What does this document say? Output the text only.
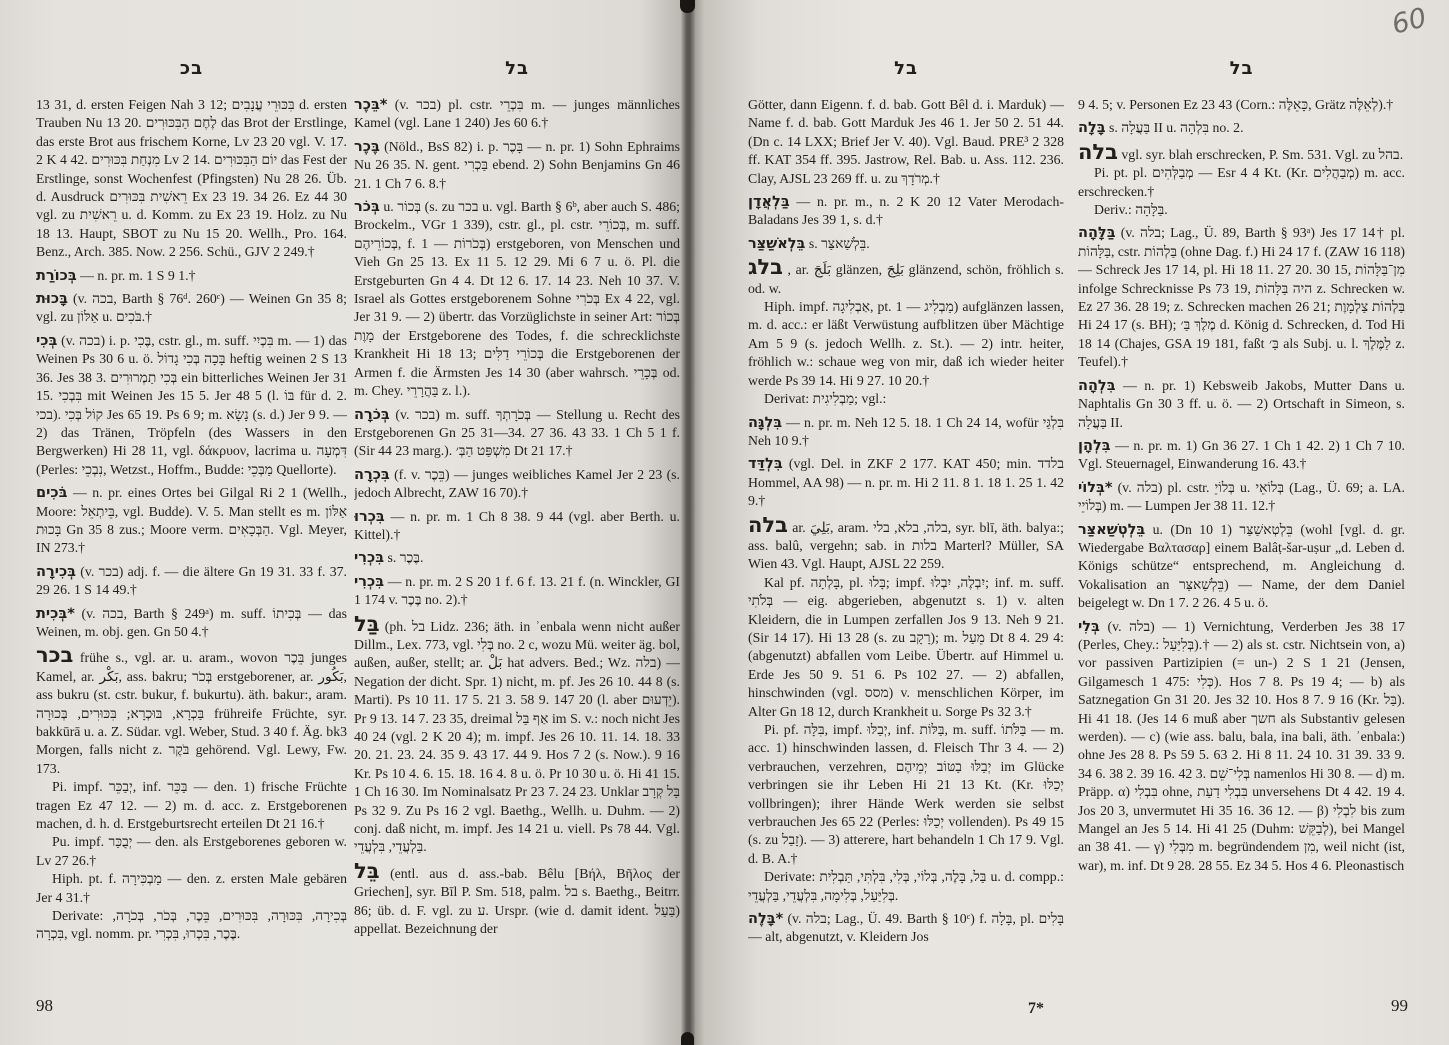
בכ	בל	בל	בל

13 31, d. ersten Feigen Nah 3 12; בִּכּוּרֵי עֲנָבִים d. ersten Trauben Nu 13 20. לֶחֶם הַבִּכּוּרִים das Brot der Erstlinge, das erste Brot aus frischem Korne, Lv 23 20 vgl. V. 17. 2 K 4 42. מִנְחַת בִּכּוּרִים Lv 2 14. יוֹם הַבִּכּוּרִים das Fest der Erstlinge, sonst Wochenfest (Pfingsten) Nu 28 26. Üb. d. Ausdruck רֵאשִׁית בִּכּוּרִים Ex 23 19. 34 26. Ez 44 30 vgl. zu רֵאשִׁית u. d. Komm. zu Ex 23 19. Holz. zu Nu 18 13. Haupt, SBOT zu Nu 15 20. Wellh., Pro. 164. Benz., Arch. 385. Now. 2 256. Schü., GJV 2 249.†

בְּכוֹרַת — n. pr. m. 1 S 9 1.†

בָּכוּת (v. בכה, Barth § 76ᵈ. 260ᶜ) — Weinen Gn 35 8; vgl. zu אַלּוֹן u. בֹּכִים.†

בְּכִי (v. בכה) i. p. בֶּכִי, cstr. gl., m. suff. בִּכְיִי m. — 1) das Weinen Ps 30 6 u. ö. בָּכָה בְּכִי גָדוֹל heftig weinen 2 S 13 36. Jes 38 3. בְּכִי תַמְרוּרִים ein bitterliches Weinen Jer 31 15. בִּבְכִי mit Weinen Jes 15 5. Jer 48 5 (l. בּוֹ für d. 2. בכי). קוֹל בְּכִי Jes 65 19. Ps 6 9; m. נָשָׂא (s. d.) Jer 9 9. — 2) das Tränen, Tröpfeln (des Wassers in den Bergwerken) Hi 28 11, vgl. δάκρυον, lacrima u. דִּמְעָה (Perles: נִבְכֵי, Wetzst., Hoffm., Budde: מַבְּכֵי Quellorte).

בֹּכִים — n. pr. eines Ortes bei Gilgal Ri 2 1 (Wellh., Moore: בֵּיתְאֵל, vgl. Budde). V. 5. Man stellt es m. אַלּוֹן בָּכוּת Gn 35 8 zus.; Moore verm. הַבְּכָאִים. Vgl. Meyer, IN 273.†

בְּכִירָה (v. בכר) adj. f. — die ältere Gn 19 31. 33 f. 37. 29 26. 1 S 14 49.†

בְּכִית* (v. בכה, Barth § 249ᵃ) m. suff. בְּכִיתוֹ — das Weinen, m. obj. gen. Gn 50 4.†

בכר frühe s., vgl. ar. u. aram., wovon בֵּכֶר junges Kamel, ar. بَكْر, ass. bakru; בְּכֹר erstgeborener, ar. بَكُور, ass bukru (st. cstr. bukur, f. bukurtu). äth. bakur:, aram. בַּכְרָא, בּוּכְרָא; בִּכּוּרִים, בְּכוּרָה frühreife Früchte, syr. bakkūrā u. a. Z. Südar. vgl. Weber, Stud. 3 40 f. Äg. bk3 Morgen, falls nicht z. בֹּקֶר gehörend. Vgl. Lewy, Fw. 173.

Pi. impf. יְבַכֵּר, inf. בַּכֵּר — den. 1) frische Früchte tragen Ez 47 12. — 2) m. d. acc. z. Erstgeborenen machen, d. h. d. Erstgeburtsrecht erteilen Dt 21 16.†

Pu. impf. יְבֻכַּר — den. als Erstgeborenes geboren w. Lv 27 26.†

Hiph. pt. f. מַבְכִּירָה — den. z. ersten Male gebären Jer 4 31.†

Derivate: בְּכִירָה, בִּכּוּרָה, בִּכּוּרִים, בֵּכֶר, בְּכֹר, בְּכֹרָה, בִּכְרָה, vgl. nomm. pr. בֶּכֶר, בִּכְרוּ, בִּכְרִי.

בֵּכֶר* (v. בכר) pl. cstr. בִּכְרֵי m. — junges männliches Kamel (vgl. Lane 1 240) Jes 60 6.†

בֶּכֶר (Nöld., BsS 82) i. p. בָּכֶר — n. pr. 1) Sohn Ephraims Nu 26 35. N. gent. בַּכְרִי ebend. 2) Sohn Benjamins Gn 46 21. 1 Ch 7 6. 8.†

בְּכֹר u. בְּכוֹר (s. zu בכר u. vgl. Barth § 6ᵇ, aber auch S. 486; Brockelm., VGr 1 339), cstr. gl., pl. cstr. בְּכוֹרֵי, m. suff. בְּכוֹרֵיהֶם, f. בְּכֹרוֹת — 1) erstgeboren, von Menschen und Vieh Gn 25 13. Ex 11 5. 12 29. Mi 6 7 u. ö. Pl. die Erstgeburten Gn 4 4. Dt 12 6. 17. 14 23. Neh 10 37. V. Israel als Gottes erstgeborenem Sohne בְּכֹרִי Ex 4 22, vgl. Jer 31 9. — 2) übertr. das Vorzüglichste in seiner Art: בְּכוֹר מָוֶת der Erstgeborene des Todes, f. die schrecklichste Krankheit Hi 18 13; בְּכוֹרֵי דַלִּים die Erstgeborenen der Armen f. die Ärmsten Jes 14 30 (aber wahrsch. בְּכָרֵי od. m. Chey. בַּהֲרָרֵי z. l.).

בְּכֹרָה (v. בכר) m. suff. בְּכֹרָתְךָ — Stellung u. Recht des Erstgeborenen Gn 25 31—34. 27 36. 43 33. 1 Ch 5 1 f. (Sir 44 23 marg.). מִשְׁפַּט הַבְּ׳ Dt 21 17.†

בִּכְרָה (f. v. בֵּכֶר) — junges weibliches Kamel Jer 2 23 (s. jedoch Albrecht, ZAW 16 70).†

בִּכְרוּ — n. pr. m. 1 Ch 8 38. 9 44 (vgl. aber Berth. u. Kittel).†

בִּכְרִי s. בֶּכֶר.

בִּכְרִי — n. pr. m. 2 S 20 1 f. 6 f. 13. 21 f. (n. Winckler, GI 1 174 v. בֶּכֶר no. 2).†

בַּל (ph. בל Lidz. 236; äth. in ʾenbala wenn nicht außer Dillm., Lex. 773, vgl. בְּלִי no. 2 c, wozu Mü. weiter äg. bol, außen, außer, stellt; ar. بَلْ hat advers. Bed.; Wz. בלה) — Negation der dicht. Spr. 1) nicht, m. pf. Jes 26 10. 44 8 (s. Marti). Ps 10 11. 17 5. 21 3. 58 9. 147 20 (l. aber יֵדְעוּם). Pr 9 13. 14 7. 23 35, dreimal אַף בַּל im S. v.: noch nicht Jes 40 24 (vgl. 2 K 20 4); m. impf. Jes 26 10. 11. 14. 18. 33 20. 21. 23. 24. 35 9. 43 17. 44 9. Hos 7 2 (s. Now.). 9 16 Kr. Ps 10 4. 6. 15. 18. 16 4. 8 u. ö. Pr 10 30 u. ö. Hi 41 15. 1 Ch 16 30. Im Nominalsatz Pr 23 7. 24 23. Unklar בַּל קְרָב Ps 32 9. Zu Ps 16 2 vgl. Baethg., Wellh. u. Duhm. — 2) conj. daß nicht, m. impf. Jes 14 21 u. viell. Ps 78 44. Vgl. בַּלְעֲדֵי, בִּלְעֲדֵי.

בֵּל (entl. aus d. ass.-bab. Bêlu [Βήλ, Βῆλος der Griechen], syr. Bīl P. Sm. 518, palm. בל s. Baethg., Beitrr. 86; üb. d. F. vgl. zu ע. Urspr. (wie d. damit ident. בַּעַל) appellat. Bezeichnung der

Götter, dann Eigenn. f. d. bab. Gott Bêl d. i. Marduk) — Name f. d. bab. Gott Marduk Jes 46 1. Jer 50 2. 51 44. (Dn c. 14 LXX; Brief Jer V. 40). Vgl. Baud. PRE³ 2 328 ff. KAT 354 ff. 395. Jastrow, Rel. Bab. u. Ass. 112. 236. Clay, AJSL 23 269 ff. u. zu מְרֹדָךְ.†

בַּלְאֲדָן — n. pr. m., n. 2 K 20 12 Vater Merodach-Baladans Jes 39 1, s. d.†

בֵּלְאשַׁצַּר s. בֵּלְשַׁאצַּר.

בלג , ar. بَلَجَ glänzen, بَلِجَ glänzend, schön, fröhlich s. od. w.

Hiph. impf. אַבְלִיגָה, pt. מַבְלִיג — 1) aufglänzen lassen, m. d. acc.: er läßt Verwüstung aufblitzen über Mächtige Am 5 9 (s. jedoch Wellh. z. St.). — 2) intr. heiter, fröhlich w.: schaue weg von mir, daß ich wieder heiter werde Ps 39 14. Hi 9 27. 10 20.†

Derivat: מַבְלִיגִית; vgl.:

בִּלְגָּה — n. pr. m. Neh 12 5. 18. 1 Ch 24 14, wofür בִּלְגַּי Neh 10 9.†

בִּלְדַּד (vgl. Del. in ZKF 2 177. KAT 450; min. בלדד Hommel, AA 98) — n. pr. m. Hi 2 11. 8 1. 18 1. 25 1. 42 9.†

בלה ar. بَلِيَ, aram. בלה, בלא, בלי, syr. blī, äth. balya:; ass. balû, vergehn; sab. in בלות Marterl? Müller, SA Wien 43. Vgl. Haupt, AJSL 22 259.

Kal pf. בָּלְתָה, pl. בָּלוּ; impf. יִבְלֶה, יִבְלוּ; inf. m. suff. בְּלֹתִי — eig. abgerieben, abgenutzt s. 1) v. alten Kleidern, die in Lumpen zerfallen Jos 9 13. Neh 9 21. (Sir 14 17). Hi 13 28 (s. zu רָקָב); m. מֵעַל Dt 8 4. 29 4: (abgenutzt) abfallen vom Leibe. Übertr. auf Himmel u. Erde Jes 50 9. 51 6. Ps 102 27. — 2) abfallen, hinschwinden (vgl. מסס) v. menschlichen Körper, im Alter Gn 18 12, durch Krankheit u. Sorge Ps 32 3.†

Pi. pf. בִּלָּה, impf. יְבַלּוּ, inf. בַּלּוֹת, m. suff. בַּלֹּתוֹ — m. acc. 1) hinschwinden lassen, d. Fleisch Thr 3 4. — 2) verbrauchen, verzehren, יְבַלּוּ בַטּוֹב יְמֵיהֶם im Glücke verbringen sie ihr Leben Hi 21 13 Kt. (Kr. יְכַלּוּ vollbringen); ihrer Hände Werk werden sie selbst verbrauchen Jes 65 22 (Perles: יְכַלּוּ vollenden). Ps 49 15 (s. zu זָבַל). — 3) atterere, hart behandeln 1 Ch 17 9. Vgl. d. B. A.†

Derivate: בַּל, בָּלֶה, בְּלוֹי, בְּלִי, בִּלְתִּי, תַּבְלִית u. d. compp.: בְּלִיַּעַל, בְּלִימָה, בִּלְעֲדֵי, בַּלְעֲדֵי.

בָּלֶה* (v. בלה; Lag., Ü. 49. Barth § 10ᶜ) f. בָּלָה, pl. בָּלִים — alt, abgenutzt, v. Kleidern Jos

9 4. 5; v. Personen Ez 23 43 (Corn.: כָּאֵלֶּה, Grätz לְאֵלֶּה).†

בָּלָה s. בַּעֲלָה II u. בִּלְהָה no. 2.

בלה vgl. syr. blah erschrecken, P. Sm. 531. Vgl. zu בהל.

Pi. pt. pl. מְבַלְּהִים — Esr 4 4 Kt. (Kr. מְבַהֲלִים) m. acc. erschrecken.†

Deriv.: בַּלָּהָה.

בַּלָּהָה (v. בלה; Lag., Ü. 89, Barth § 93ᵃ) Jes 17 14† pl. בַּלָּהוֹת, cstr. בַּלְהוֹת (ohne Dag. f.) Hi 24 17 f. (ZAW 16 118) — Schreck Jes 17 14, pl. Hi 18 11. 27 20. 30 15, מִן־בַּלָּהוֹת infolge Schrecknisse Ps 73 19, היה בַּלָּהוֹת z. Schrecken w. Ez 27 36. 28 19; z. Schrecken machen 26 21; בַּלְהוֹת צַלְמָוֶת Hi 24 17 (s. BH); מֶלֶךְ בַּ׳ d. König d. Schrecken, d. Tod Hi 18 14 (Chajes, GSA 19 181, faßt בַּ׳ als Subj. u. l. לַמֶּלֶךְ z. Teufel).†

בִּלְהָה — n. pr. 1) Kebsweib Jakobs, Mutter Dans u. Naphtalis Gn 30 3 ff. u. ö. — 2) Ortschaft in Simeon, s. בַּעֲלָה II.

בִּלְהָן — n. pr. m. 1) Gn 36 27. 1 Ch 1 42. 2) 1 Ch 7 10. Vgl. Steuernagel, Einwanderung 16. 43.†

בְּלוֹי* (v. בלה) pl. cstr. בְּלוֹיֵ u. בְּלוֹאֵי (Lag., Ü. 69; a. LA. בְּלוֹיֵי) m. — Lumpen Jer 38 11. 12.†

בֵּלְטְשַׁאצַּר u. (Dn 10 1) בֵּלְטְאשַׁצַּר (wohl [vgl. d. gr. Wiedergabe Βαλτασαρ] einem Balâṭ-šar-uṣur „d. Leben d. Königs schütze“ entsprechend, m. Angleichung d. Vokalisation an בֵּלְשַׁאצַּר) — Name, der dem Daniel beigelegt w. Dn 1 7. 2 26. 4 5 u. ö.

בְּלִי (v. בלה) — 1) Vernichtung, Verderben Jes 38 17 (Perles, Chey.: בְּלִיַּעַל).† — 2) als st. cstr. Nichtsein von, a) vor passiven Partizipien (= un-) 2 S 1 21 (Jensen, Gilgamesch 1 475: כְּלִי). Hos 7 8. Ps 19 4; — b) als Satznegation Gn 31 20. Jes 32 10. Hos 8 7. 9 16 (Kr. בַּל). Hi 41 18. (Jes 14 6 muß aber חשך als Substantiv gelesen werden). — c) (wie ass. balu, bala, ina bali, äth. ʾenbala:) ohne Jes 28 8. Ps 59 5. 63 2. Hi 8 11. 24 10. 31 39. 33 9. 34 6. 38 2. 39 16. 42 3. בְּלִי־שֵׁם namenlos Hi 30 8. — d) m. Präpp. α) בִּבְלִי ohne, בִּבְלִי דַעַת unversehens Dt 4 42. 19 4. Jos 20 3, unvermutet Hi 35 16. 36 12. — β) לִבְלִי bis zum Mangel an Jes 5 14. Hi 41 25 (Duhm: לְבַקֵּשׁ), bei Mangel an 38 41. — γ) מִבְּלִי m. begründendem מִן, weil nicht (ist, war), m. inf. Dt 9 28. 28 55. Ez 34 5. Hos 4 6. Pleonastisch

98	7*	99
60
